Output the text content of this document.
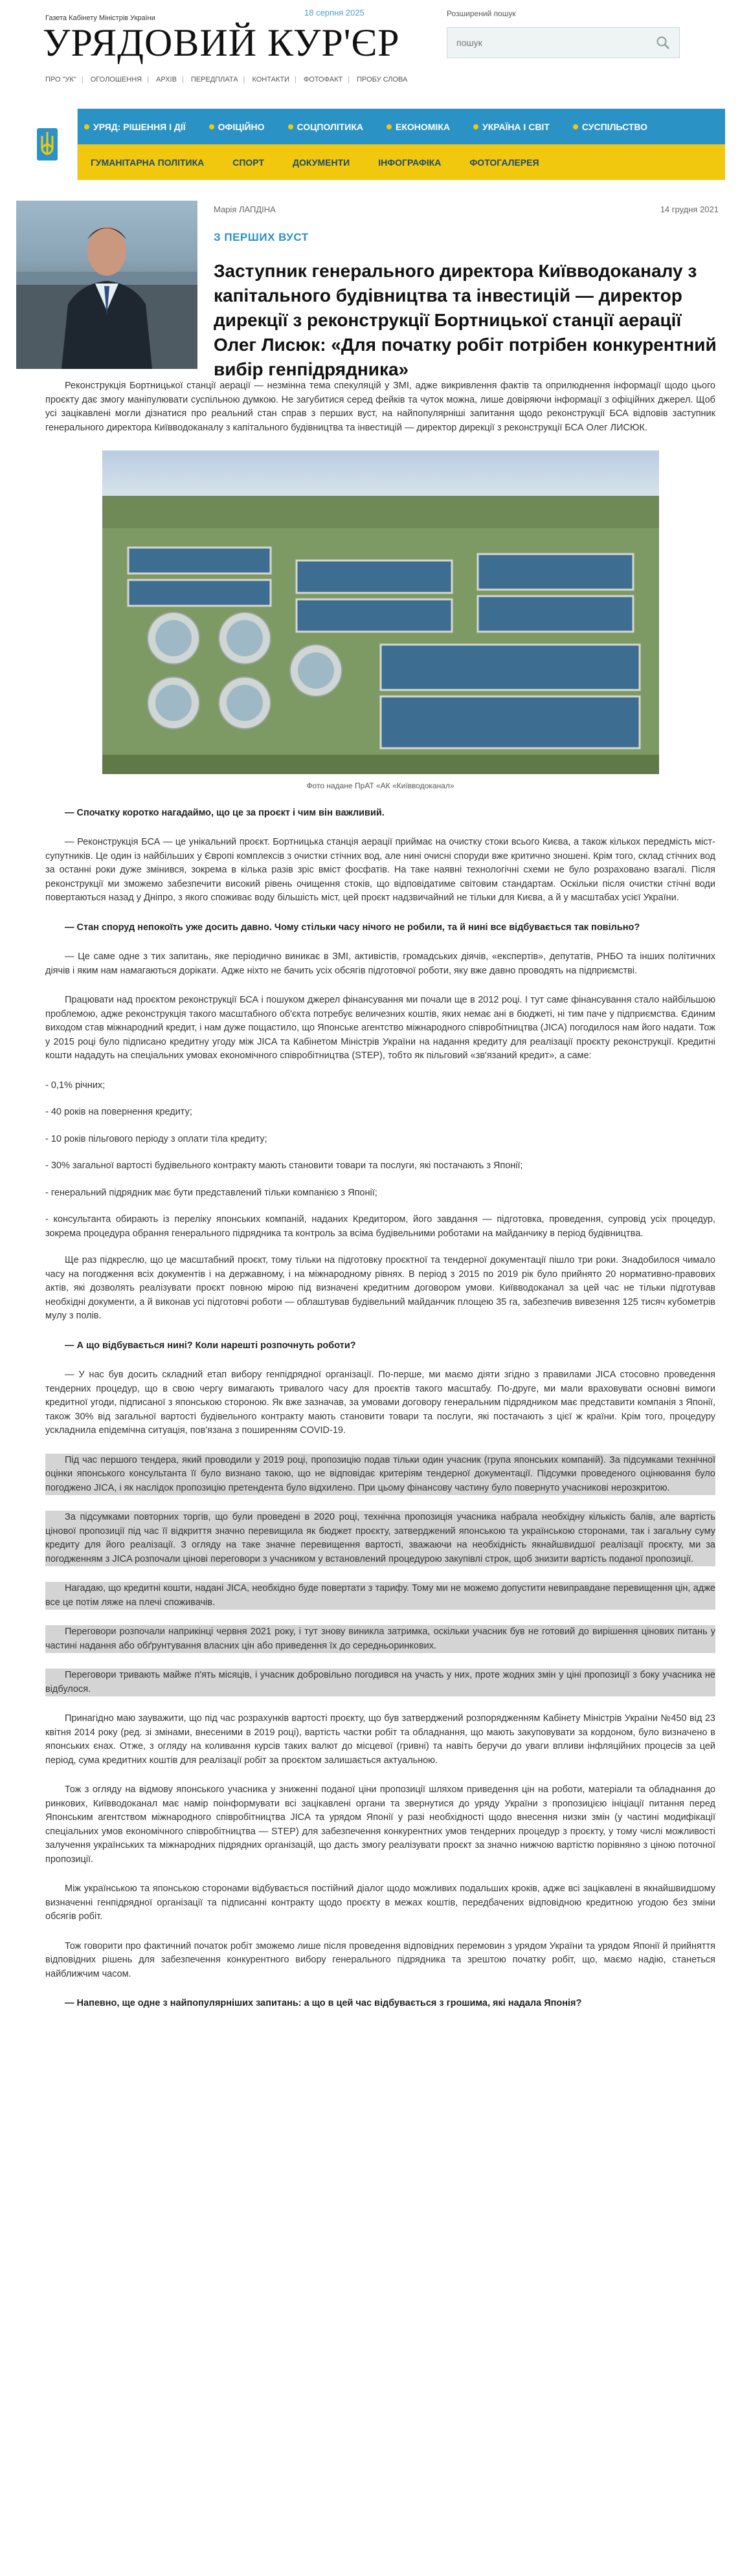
18 серпня 2025
Газета Кабінету Міністрів України
УРЯДОВИЙ КУР'ЄР
ПРО "УК" | ОГОЛОШЕННЯ | АРХІВ | ПЕРЕДПЛАТА | КОНТАКТИ | ФОТОФАКТ | ПРОБУ СЛОВА
Розширений пошук
пошук
УРЯД: РІШЕННЯ І ДІЇ	ОФІЦІЙНО	СОЦПОЛІТИКА	ЕКОНОМІКА	УКРАЇНА І СВІТ	СУСПІЛЬСТВО
ГУМАНІТАРНА ПОЛІТИКА	СПОРТ	ДОКУМЕНТИ	ІНФОГРАФІКА	ФОТОГАЛЕРЕЯ
Марія ЛАПДІНА	14 грудня 2021
З ПЕРШИХ ВУСТ
Заступник генерального директора Київводоканалу з капітального будівництва та інвестицій — директор дирекції з реконструкції Бортницької станції аерації Олег Лисюк: «Для початку робіт потрібен конкурентний вибір генпідрядника»

Реконструкція Бортницької станції аерації — незмінна тема спекуляцій у ЗМІ, адже викривлення фактів та оприлюднення інформації щодо цього проєкту дає змогу маніпулювати суспільною думкою. Не загубитися серед фейків та чуток можна, лише довіряючи інформації з офіційних джерел. Щоб усі зацікавлені могли дізнатися про реальний стан справ з перших вуст, на найпопулярніші запитання щодо реконструкції БСА відповів заступник генерального директора Київводоканалу з капітального будівництва та інвестицій — директор дирекції з реконструкції БСА Олег ЛИСЮК.

Фото надане ПрАТ «АК «Київводоканал»

— Спочатку коротко нагадаймо, що це за проєкт і чим він важливий.

— Реконструкція БСА — це унікальний проєкт. Бортницька станція аерації приймає на очистку стоки всього Києва, а також кількох передмість міст-супутників. Це один із найбільших у Європі комплексів з очистки стічних вод, але нині очисні споруди вже критично зношені. Крім того, склад стічних вод за останні роки дуже змінився, зокрема в кілька разів зріс вміст фосфатів. На таке наявні технологічні схеми не було розраховано взагалі. Після реконструкції ми зможемо забезпечити високий рівень очищення стоків, що відповідатиме світовим стандартам. Оскільки після очистки стічні води повертаються назад у Дніпро, з якого споживає воду більшість міст, цей проєкт надзвичайний не тільки для Києва, а й у масштабах усієї України.

— Стан споруд непокоїть уже досить давно. Чому стільки часу нічого не робили, та й нині все відбувається так повільно?

— Це саме одне з тих запитань, яке періодично виникає в ЗМІ, активістів, громадських діячів, «експертів», депутатів, РНБО та інших політичних діячів і яким нам намагаються дорікати. Адже ніхто не бачить усіх обсягів підготовчої роботи, яку вже давно проводять на підприємстві.

Працювати над проєктом реконструкції БСА і пошуком джерел фінансування ми почали ще в 2012 році. І тут саме фінансування стало найбільшою проблемою, адже реконструкція такого масштабного об'єкта потребує величезних коштів, яких немає ані в бюджеті, ні тим паче у підприємства. Єдиним виходом став міжнародний кредит, і нам дуже пощастило, що Японське агентство міжнародного співробітництва (JICA) погодилося нам його надати. Тож у 2015 році було підписано кредитну угоду між JICA та Кабінетом Міністрів України на надання кредиту для реалізації проєкту реконструкції. Кредитні кошти нададуть на спеціальних умовах економічного співробітництва (STEP), тобто як пільговий «зв'язаний кредит», а саме:

- 0,1% річних;
- 40 років на повернення кредиту;
- 10 років пільгового періоду з оплати тіла кредиту;
- 30% загальної вартості будівельного контракту мають становити товари та послуги, які постачають з Японії;
- генеральний підрядник має бути представлений тільки компанією з Японії;
- консультанта обирають із переліку японських компаній, наданих Кредитором, його завдання — підготовка, проведення, супровід усіх процедур, зокрема процедура обрання генерального підрядника та контроль за всіма будівельними роботами на майданчику в період будівництва.

Ще раз підкреслю, що це масштабний проєкт, тому тільки на підготовку проєктної та тендерної документації пішло три роки. Знадобилося чимало часу на погодження всіх документів і на державному, і на міжнародному рівнях. В період з 2015 по 2019 рік було прийнято 20 нормативно-правових актів, які дозволять реалізувати проєкт повною мірою під визначені кредитним договором умови. Київводоканал за цей час не тільки підготував необхідні документи, а й виконав усі підготовчі роботи — облаштував будівельний майданчик площею 35 га, забезпечив вивезення 125 тисяч кубометрів мулу з полів.

— А що відбувається нині? Коли нарешті розпочнуть роботи?

— У нас був досить складний етап вибору генпідрядної організації. По-перше, ми маємо діяти згідно з правилами JICA стосовно проведення тендерних процедур, що в свою чергу вимагають тривалого часу для проєктів такого масштабу. По-друге, ми мали враховувати основні вимоги кредитної угоди, підписаної з японською стороною. Як вже зазначав, за умовами договору генеральним підрядником має представити компанія з Японії, також 30% від загальної вартості будівельного контракту мають становити товари та послуги, які постачають з цієї ж країни. Крім того, процедуру ускладнила епідемічна ситуація, пов'язана з поширенням COVID-19.

Під час першого тендера, який проводили у 2019 році, пропозицію подав тільки один учасник (група японських компаній). За підсумками технічної оцінки японського консультанта її було визнано такою, що не відповідає критеріям тендерної документації. Підсумки проведеного оцінювання було погоджено JICA, і як наслідок пропозицію претендента було відхилено. При цьому фінансову частину було повернуто учасникові нерозкритою.

За підсумками повторних торгів, що були проведені в 2020 році, технічна пропозиція учасника набрала необхідну кількість балів, але вартість цінової пропозиції під час її відкриття значно перевищила як бюджет проєкту, затверджений японською та українською сторонами, так і загальну суму кредиту для його реалізації. З огляду на таке значне перевищення вартості, зважаючи на необхідність якнайшвидшої реалізації проєкту, ми за погодженням з JICA розпочали цінові переговори з учасником у встановлений процедурою закупівлі строк, щоб знизити вартість поданої пропозиції.

Нагадаю, що кредитні кошти, надані JICA, необхідно буде повертати з тарифу. Тому ми не можемо допустити невиправдане перевищення цін, адже все це потім ляже на плечі споживачів.

Переговори розпочали наприкінці червня 2021 року, і тут знову виникла затримка, оскільки учасник був не готовий до вирішення цінових питань у частині надання або обґрунтування власних цін або приведення їх до середньоринкових.

Переговори тривають майже п'ять місяців, і учасник добровільно погодився на участь у них, проте жодних змін у ціні пропозиції з боку учасника не відбулося.

Принагідно маю зауважити, що під час розрахунків вартості проєкту, що був затверджений розпорядженням Кабінету Міністрів України №450 від 23 квітня 2014 року (ред. зі змінами, внесеними в 2019 році), вартість частки робіт та обладнання, що мають закуповувати за кордоном, було визначено в японських єнах. Отже, з огляду на коливання курсів таких валют до місцевої (гривні) та навіть беручи до уваги впливи інфляційних процесів за цей період, сума кредитних коштів для реалізації робіт за проєктом залишається актуальною.

Тож з огляду на відмову японського учасника у зниженні поданої ціни пропозиції шляхом приведення цін на роботи, матеріали та обладнання до ринкових, Київводоканал має намір поінформувати всі зацікавлені органи та звернутися до уряду України з пропозицією ініціації питання перед Японським агентством міжнародного співробітництва JICA та урядом Японії у разі необхідності щодо внесення низки змін (у частині модифікації спеціальних умов економічного співробітництва — STEP) для забезпечення конкурентних умов тендерних процедур з проєкту, у тому числі можливості залучення українських та міжнародних підрядних організацій, що дасть змогу реалізувати проєкт за значно нижчою вартістю порівняно з ціною поточної пропозиції.

Між українською та японською сторонами відбувається постійний діалог щодо можливих подальших кроків, адже всі зацікавлені в якнайшвидшому визначенні генпідрядної організації та підписанні контракту щодо проєкту в межах коштів, передбачених відповідною кредитною угодою без зміни обсягів робіт.

Тож говорити про фактичний початок робіт зможемо лише після проведення відповідних перемовин з урядом України та урядом Японії й прийняття відповідних рішень для забезпечення конкурентного вибору генерального підрядника та зрештою початку робіт, що, маємо надію, станеться найближчим часом.

— Напевно, ще одне з найпопулярніших запитань: а що в цей час відбувається з грошима, які надала Японія?
